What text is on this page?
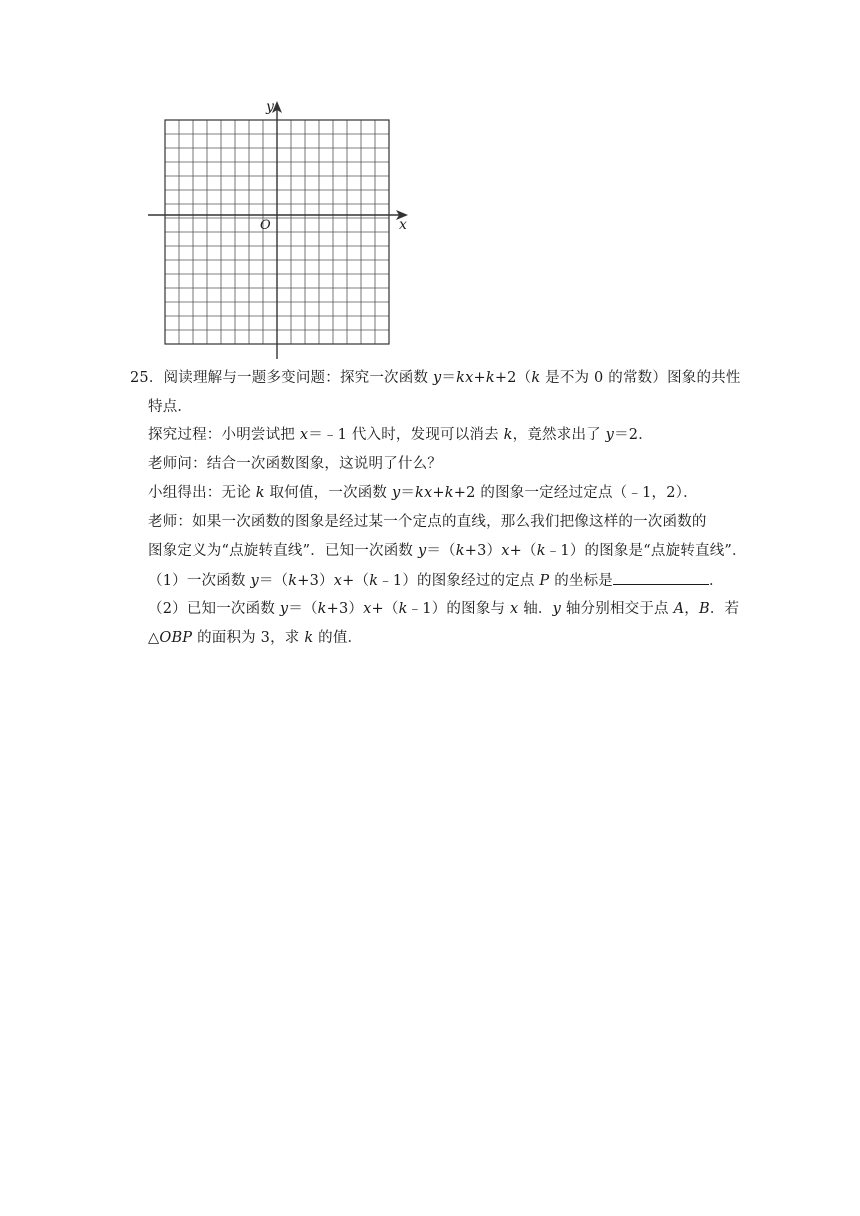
y
x
O
25．阅读理解与一题多变问题：探究一次函数 y＝kx+k+2（k 是不为 0 的常数）图象的共性
特点．
探究过程：小明尝试把 x＝﹣1 代入时，发现可以消去 k，竟然求出了 y＝2．
老师问：结合一次函数图象，这说明了什么？
小组得出：无论 k 取何值，一次函数 y＝kx+k+2 的图象一定经过定点（﹣1，2）．
老师：如果一次函数的图象是经过某一个定点的直线，那么我们把像这样的一次函数的
图象定义为“点旋转直线”．已知一次函数 y＝（k+3）x+（k﹣1）的图象是“点旋转直线”．
（1）一次函数 y＝（k+3）x+（k﹣1）的图象经过的定点 P 的坐标是	．
（2）已知一次函数 y＝（k+3）x+（k﹣1）的图象与 x 轴．y 轴分别相交于点 A，B．若
△OBP 的面积为 3，求 k 的值．
